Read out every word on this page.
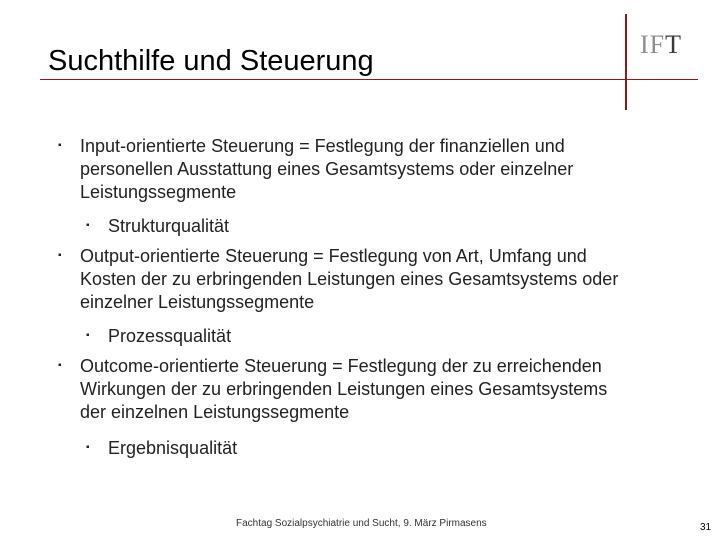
Suchthilfe und Steuerung
IFT
▪ Input-orientierte Steuerung = Festlegung der finanziellen und
personellen Ausstattung eines Gesamtsystems oder einzelner
Leistungssegmente
▪ Strukturqualität
▪ Output-orientierte Steuerung = Festlegung von Art, Umfang und
Kosten der zu erbringenden Leistungen eines Gesamtsystems oder
einzelner Leistungssegmente
▪ Prozessqualität
▪ Outcome-orientierte Steuerung = Festlegung der zu erreichenden
Wirkungen der zu erbringenden Leistungen eines Gesamtsystems
der einzelnen Leistungssegmente
▪ Ergebnisqualität
Fachtag Sozialpsychiatrie und Sucht, 9. März Pirmasens	31
